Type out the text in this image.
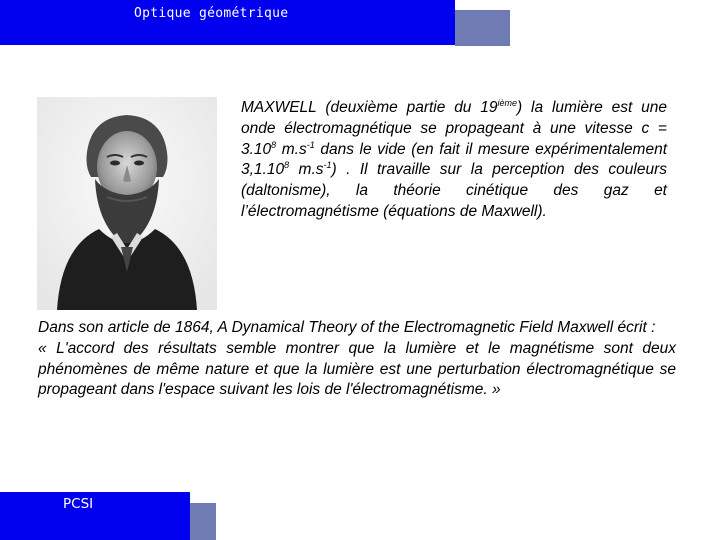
Optique géométrique
MAXWELL (deuxième partie du 19ième) la lumière est une onde électromagnétique se propageant à une vitesse $c = 3.10^8$ $m.s^{-1}$ dans le vide (en fait il mesure expérimentalement 3,1.10$^8$ $m.s^{-1}$) . Il travaille sur la perception des couleurs (daltonisme), la théorie cinétique des gaz et l’électromagnétisme (équations de Maxwell).
Dans son article de 1864, A Dynamical Theory of the Electromagnetic Field Maxwell écrit :
« L'accord des résultats semble montrer que la lumière et le magnétisme sont deux phénomènes de même nature et que la lumière est une perturbation électromagnétique se propageant dans l'espace suivant les lois de l'électromagnétisme. »
PCSI
